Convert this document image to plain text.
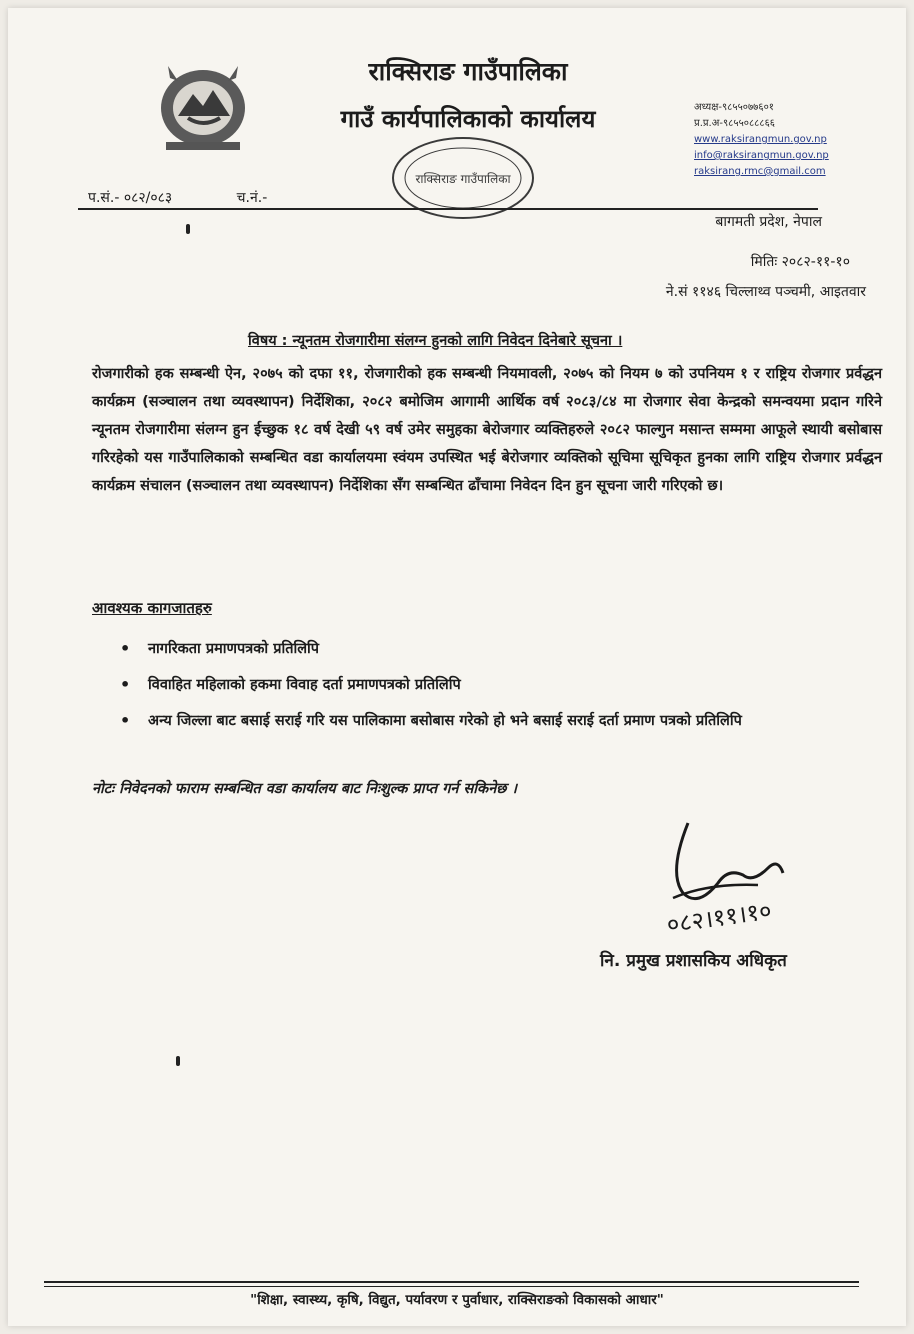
राक्सिराङ गाउँपालिका
गाउँ कार्यपालिकाको कार्यालय
राक्सिराङ गाउँपालिका
अध्यक्ष-९८५५०७७६०१
प्र.प्र.अ-९८५५०८८८६६
www.raksirangmun.gov.np
info@raksirangmun.gov.np
raksirang.rmc@gmail.com
प.सं.- ०८२/०८३	च.नं.-
बागमती प्रदेश, नेपाल
मितिः २०८२-११-१०
ने.सं ११४६ चिल्लाथ्व पञ्चमी, आइतवार
विषय : न्यूनतम रोजगारीमा संलग्न हुनको लागि निवेदन दिनेबारे सूचना ।
रोजगारीको हक सम्बन्धी ऐन, २०७५ को दफा ११, रोजगारीको हक सम्बन्धी नियमावली, २०७५ को नियम ७ को उपनियम १ र राष्ट्रिय रोजगार प्रर्वद्धन कार्यक्रम (सञ्चालन तथा व्यवस्थापन) निर्देशिका, २०८२ बमोजिम आगामी आर्थिक वर्ष २०८३/८४ मा रोजगार सेवा केन्द्रको समन्वयमा प्रदान गरिने न्यूनतम रोजगारीमा संलग्न हुन ईच्छुक १८ वर्ष देखी ५९ वर्ष उमेर समुहका बेरोजगार व्यक्तिहरुले २०८२ फाल्गुन मसान्त सम्ममा आफूले स्थायी बसोबास गरिरहेको यस गाउँपालिकाको सम्बन्धित वडा कार्यालयमा स्वंयम उपस्थित भई बेरोजगार व्यक्तिको सूचिमा सूचिकृत हुनका लागि राष्ट्रिय रोजगार प्रर्वद्धन कार्यक्रम संचालन (सञ्चालन तथा व्यवस्थापन) निर्देशिका सँग सम्बन्धित ढाँचामा निवेदन दिन हुन सूचना जारी गरिएको छ।
आवश्यक कागजातहरु
• नागरिकता प्रमाणपत्रको प्रतिलिपि
• विवाहित महिलाको हकमा विवाह दर्ता प्रमाणपत्रको प्रतिलिपि
• अन्य जिल्ला बाट बसाई सराई गरि यस पालिकामा बसोबास गरेको हो भने बसाई सराई दर्ता प्रमाण पत्रको प्रतिलिपि
नोटः निवेदनको फाराम सम्बन्धित वडा कार्यालय बाट निःशुल्क प्राप्त गर्न सकिनेछ ।
०८२।११।१०
नि. प्रमुख प्रशासकिय अधिकृत
"शिक्षा, स्वास्थ्य, कृषि, विद्युत, पर्यावरण र पुर्वाधार, राक्सिराङको विकासको आधार"
